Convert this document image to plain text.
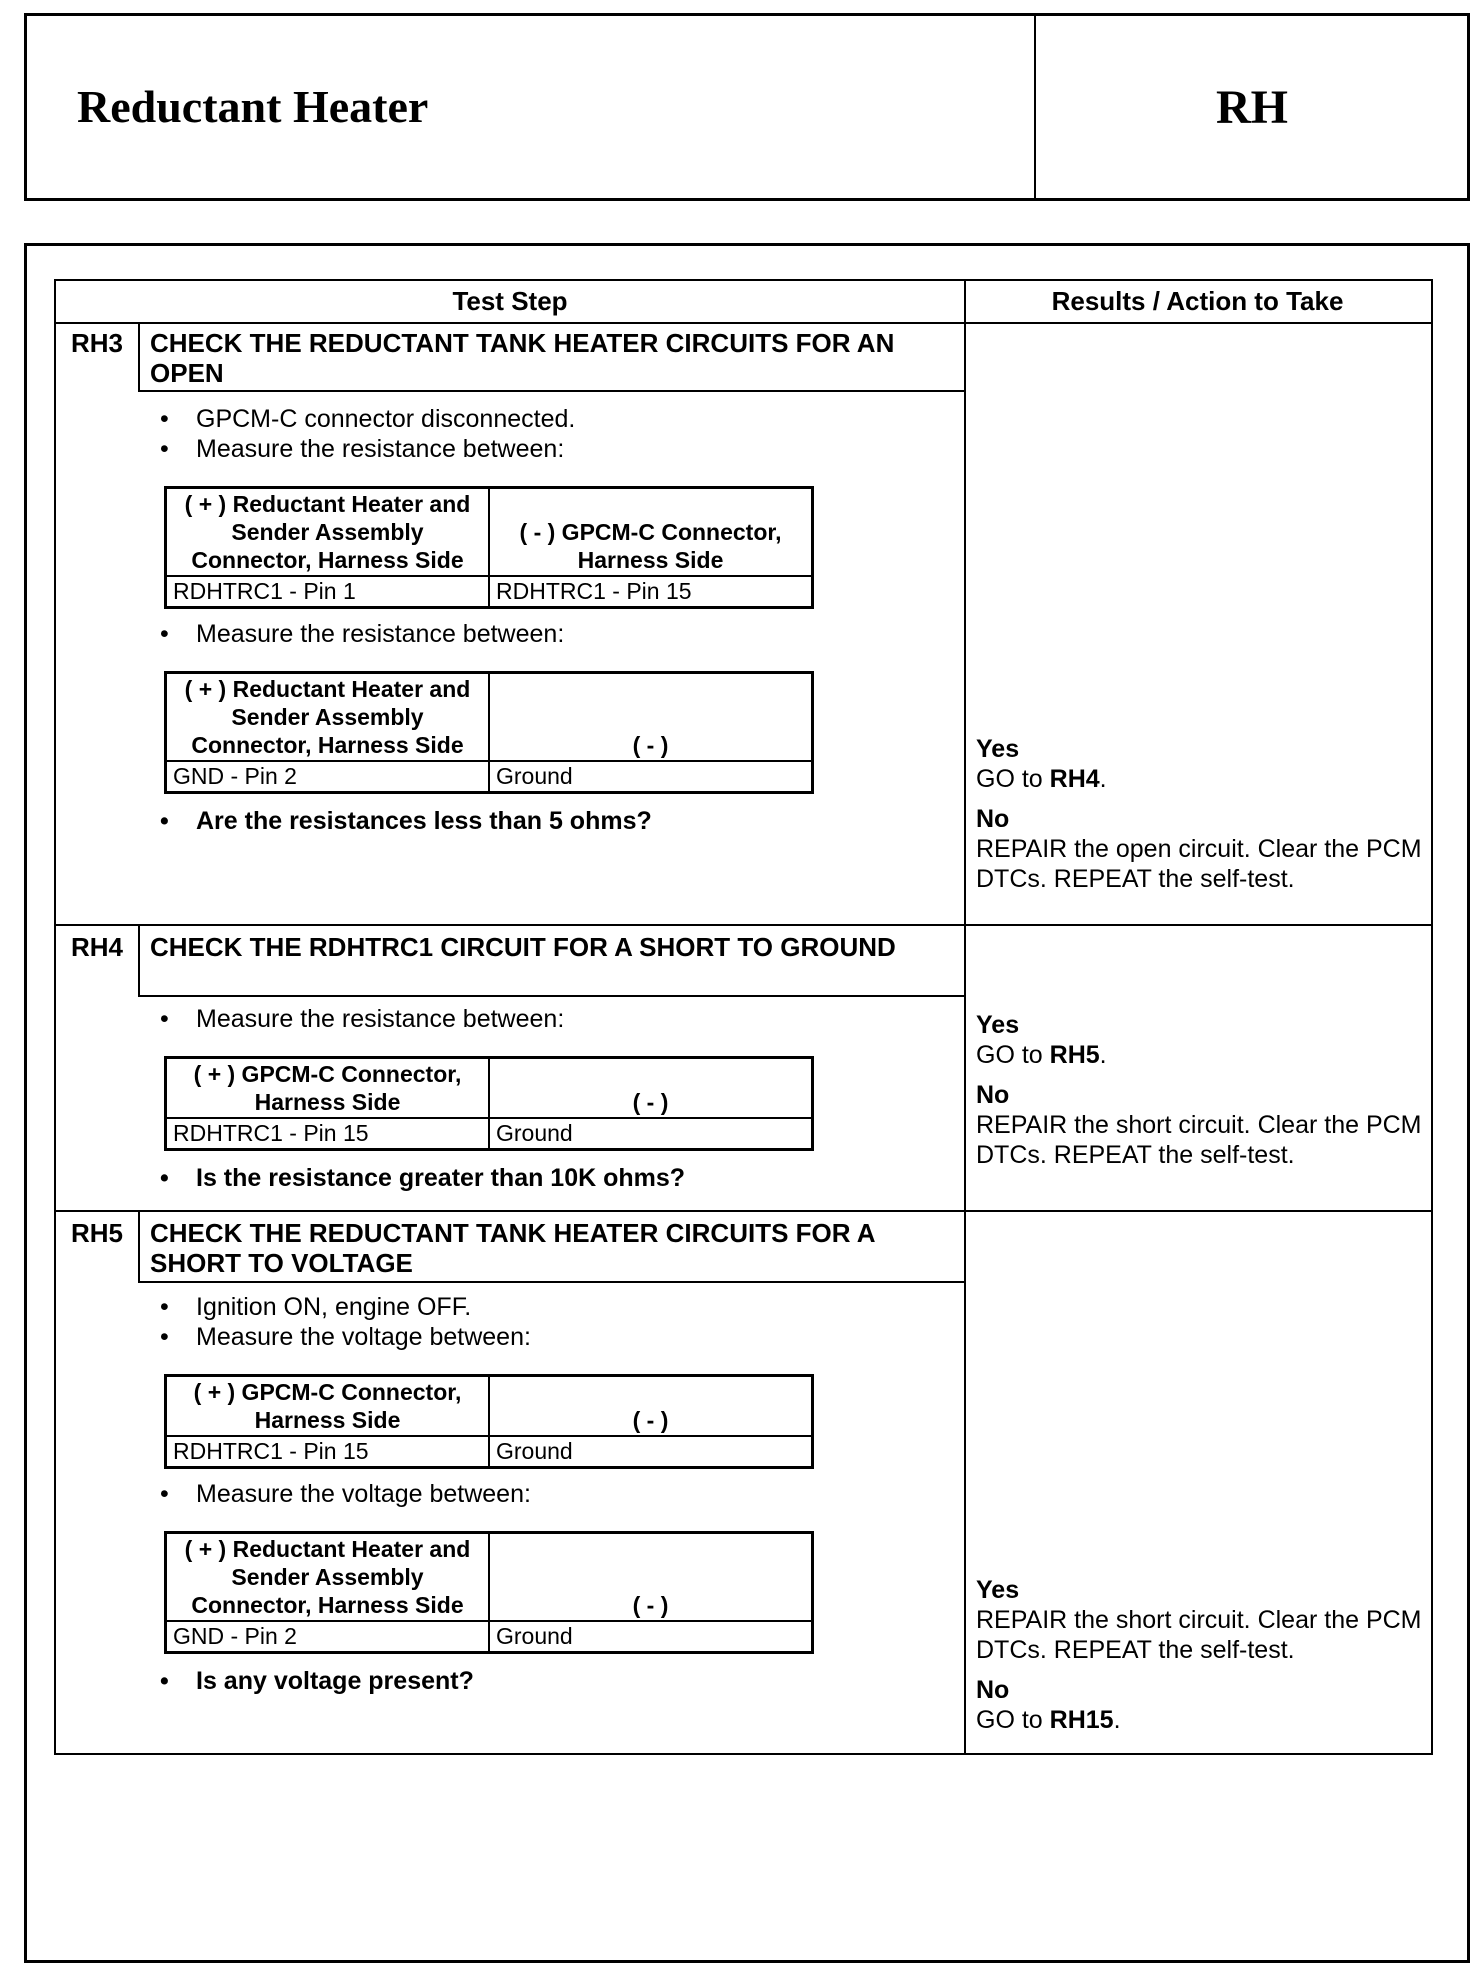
Reductant Heater	RH
Test Step	Results / Action to Take
RH3	CHECK THE REDUCTANT TANK HEATER CIRCUITS FOR AN OPEN
• GPCM-C connector disconnected.
• Measure the resistance between:
( + ) Reductant Heater and Sender Assembly Connector, Harness Side	( - ) GPCM-C Connector, Harness Side
RDHTRC1 - Pin 1	RDHTRC1 - Pin 15
• Measure the resistance between:
( + ) Reductant Heater and Sender Assembly Connector, Harness Side	( - )
GND - Pin 2	Ground
• Are the resistances less than 5 ohms?
Yes
GO to RH4.
No
REPAIR the open circuit. Clear the PCM DTCs. REPEAT the self-test.
RH4	CHECK THE RDHTRC1 CIRCUIT FOR A SHORT TO GROUND
• Measure the resistance between:
( + ) GPCM-C Connector, Harness Side	( - )
RDHTRC1 - Pin 15	Ground
• Is the resistance greater than 10K ohms?
Yes
GO to RH5.
No
REPAIR the short circuit. Clear the PCM DTCs. REPEAT the self-test.
RH5	CHECK THE REDUCTANT TANK HEATER CIRCUITS FOR A SHORT TO VOLTAGE
• Ignition ON, engine OFF.
• Measure the voltage between:
( + ) GPCM-C Connector, Harness Side	( - )
RDHTRC1 - Pin 15	Ground
• Measure the voltage between:
( + ) Reductant Heater and Sender Assembly Connector, Harness Side	( - )
GND - Pin 2	Ground
• Is any voltage present?
Yes
REPAIR the short circuit. Clear the PCM DTCs. REPEAT the self-test.
No
GO to RH15.
